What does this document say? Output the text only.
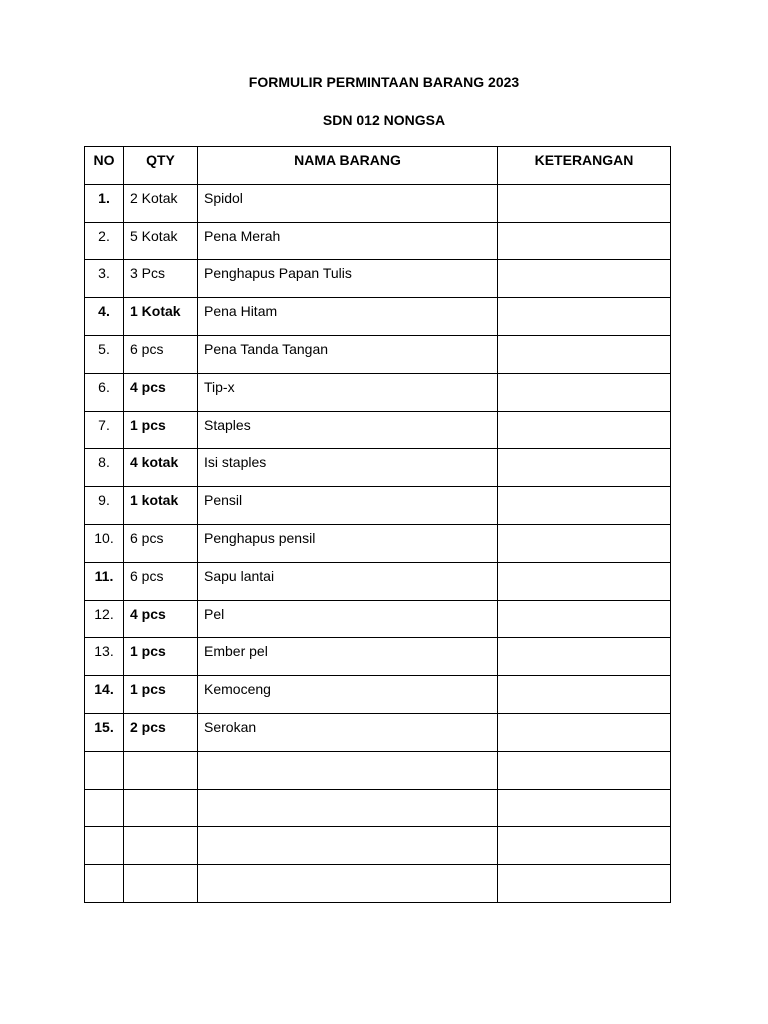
FORMULIR PERMINTAAN BARANG 2023
SDN 012 NONGSA
NO	QTY	NAMA BARANG	KETERANGAN
1.	2 Kotak	Spidol	
2.	5 Kotak	Pena Merah	
3.	3 Pcs	Penghapus Papan Tulis	
4.	1 Kotak	Pena Hitam	
5.	6 pcs	Pena Tanda Tangan	
6.	4 pcs	Tip-x	
7.	1 pcs	Staples	
8.	4 kotak	Isi staples	
9.	1 kotak	Pensil	
10.	6 pcs	Penghapus pensil	
11.	6 pcs	Sapu lantai	
12.	4 pcs	Pel	
13.	1 pcs	Ember pel	
14.	1 pcs	Kemoceng	
15.	2 pcs	Serokan	
